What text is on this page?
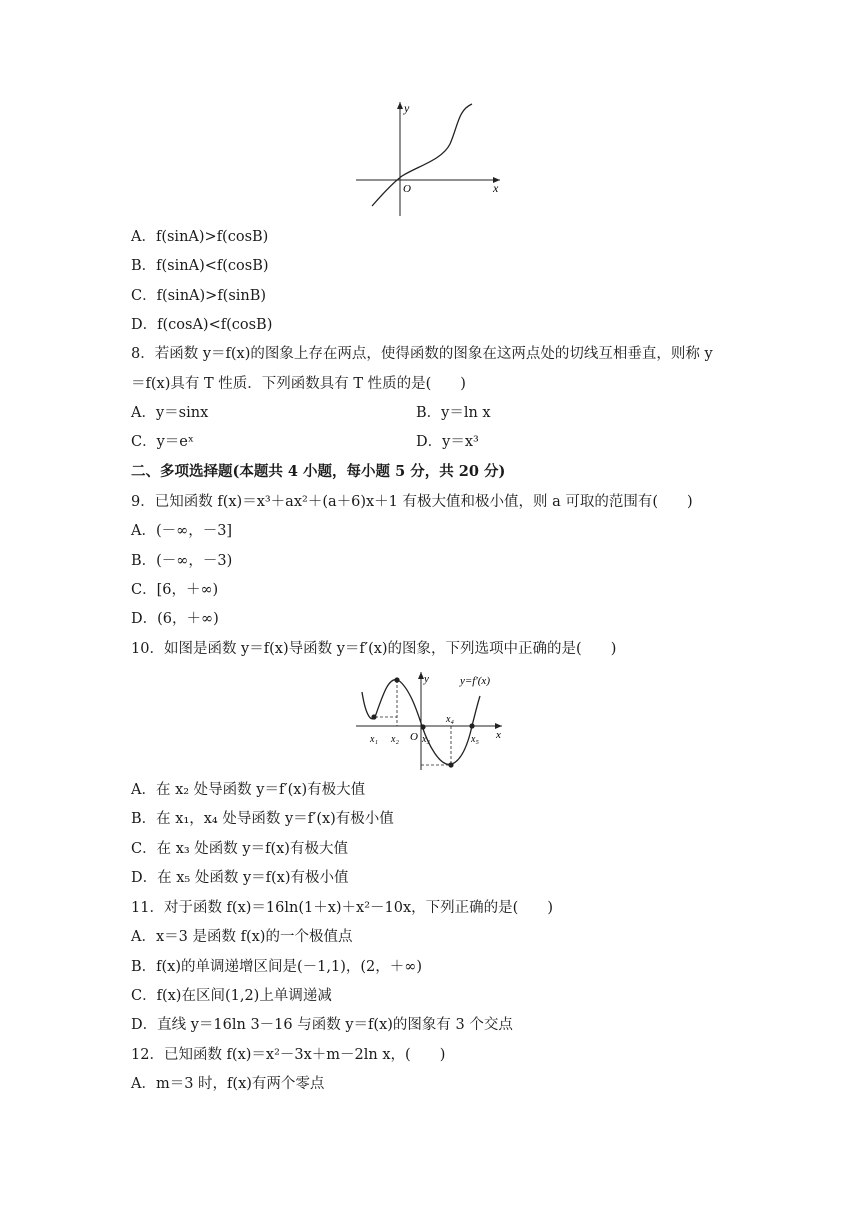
y
x
O
A．f(sinA)>f(cosB)
B．f(sinA)<f(cosB)
C．f(sinA)>f(sinB)
D．f(cosA)<f(cosB)
8．若函数 y＝f(x)的图象上存在两点，使得函数的图象在这两点处的切线互相垂直，则称 y
＝f(x)具有 T 性质．下列函数具有 T 性质的是(　　)
A．y＝sinx	B．y＝ln x
C．y＝eˣ	D．y＝x³
二、多项选择题(本题共 4 小题，每小题 5 分，共 20 分)
9．已知函数 f(x)＝x³＋ax²＋(a＋6)x＋1 有极大值和极小值，则 a 可取的范围有(　　)
A．(－∞，－3]
B．(－∞，－3)
C．[6，＋∞)
D．(6，＋∞)
10．如图是函数 y＝f(x)导函数 y＝f′(x)的图象，下列选项中正确的是(　　)
y=f′(x)
y
x
O
x₁ x₂ x₃
x₄
x₅
A．在 x₂ 处导函数 y＝f′(x)有极大值
B．在 x₁，x₄ 处导函数 y＝f′(x)有极小值
C．在 x₃ 处函数 y＝f(x)有极大值
D．在 x₅ 处函数 y＝f(x)有极小值
11．对于函数 f(x)＝16ln(1＋x)＋x²－10x，下列正确的是(　　)
A．x＝3 是函数 f(x)的一个极值点
B．f(x)的单调递增区间是(－1,1)，(2，＋∞)
C．f(x)在区间(1,2)上单调递减
D．直线 y＝16ln 3－16 与函数 y＝f(x)的图象有 3 个交点
12．已知函数 f(x)＝x²－3x＋m－2ln x，(　　)
A．m＝3 时，f(x)有两个零点
